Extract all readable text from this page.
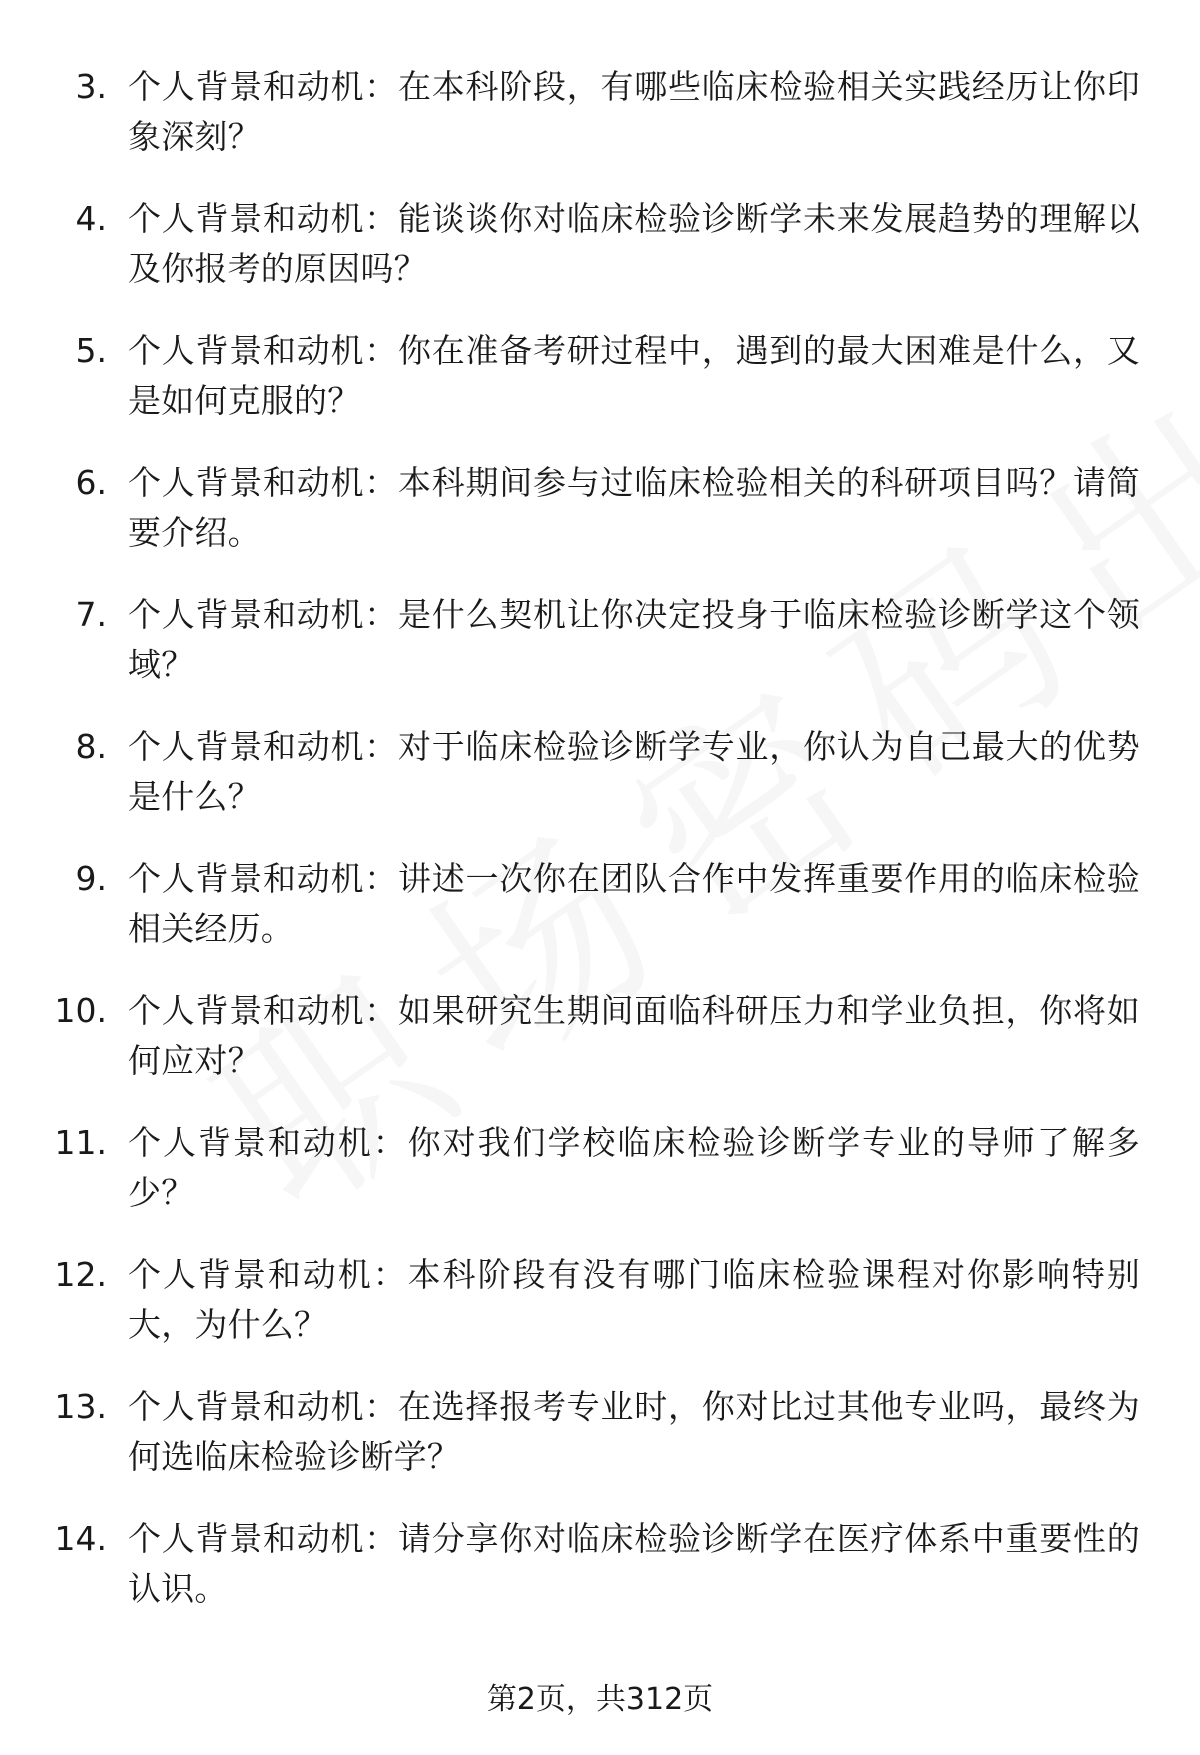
3. 个人背景和动机：在本科阶段，有哪些临床检验相关实践经历让你印象深刻？
4. 个人背景和动机：能谈谈你对临床检验诊断学未来发展趋势的理解以及你报考的原因吗？
5. 个人背景和动机：你在准备考研过程中，遇到的最大困难是什么，又是如何克服的？
6. 个人背景和动机：本科期间参与过临床检验相关的科研项目吗？请简要介绍。
7. 个人背景和动机：是什么契机让你决定投身于临床检验诊断学这个领域？
8. 个人背景和动机：对于临床检验诊断学专业，你认为自己最大的优势是什么？
9. 个人背景和动机：讲述一次你在团队合作中发挥重要作用的临床检验相关经历。
10. 个人背景和动机：如果研究生期间面临科研压力和学业负担，你将如何应对？
11. 个人背景和动机：你对我们学校临床检验诊断学专业的导师了解多少？
12. 个人背景和动机：本科阶段有没有哪门临床检验课程对你影响特别大，为什么？
13. 个人背景和动机：在选择报考专业时，你对比过其他专业吗，最终为何选临床检验诊断学？
14. 个人背景和动机：请分享你对临床检验诊断学在医疗体系中重要性的认识。
第2页，共312页
